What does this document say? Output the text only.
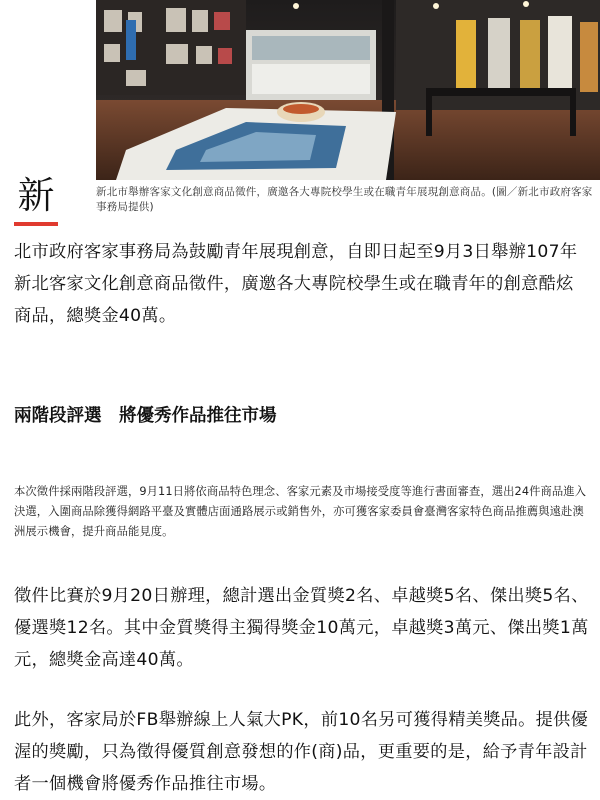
新	新北市舉辦客家文化創意商品徵件，廣邀各大專院校學生或在職青年展現創意商品。(圖／新北市政府客家事務局提供)
北市政府客家事務局為鼓勵青年展現創意，自即日起至9月3日舉辦107年新北客家文化創意商品徵件，廣邀各大專院校學生或在職青年的創意酷炫商品，總獎金40萬。
兩階段評選　將優秀作品推往市場
本次徵件採兩階段評選，9月11日將依商品特色理念、客家元素及市場接受度等進行書面審查，選出24件商品進入決選，入圍商品除獲得網路平臺及實體店面通路展示或銷售外，亦可獲客家委員會臺灣客家特色商品推薦與遠赴澳洲展示機會，提升商品能見度。
徵件比賽於9月20日辦理，總計選出金質獎2名、卓越獎5名、傑出獎5名、優選獎12名。其中金質獎得主獨得獎金10萬元，卓越獎3萬元、傑出獎1萬元，總獎金高達40萬。
此外，客家局於FB舉辦線上人氣大PK，前10名另可獲得精美獎品。提供優渥的獎勵，只為徵得優質創意發想的作(商)品，更重要的是，給予青年設計者一個機會將優秀作品推往市場。
